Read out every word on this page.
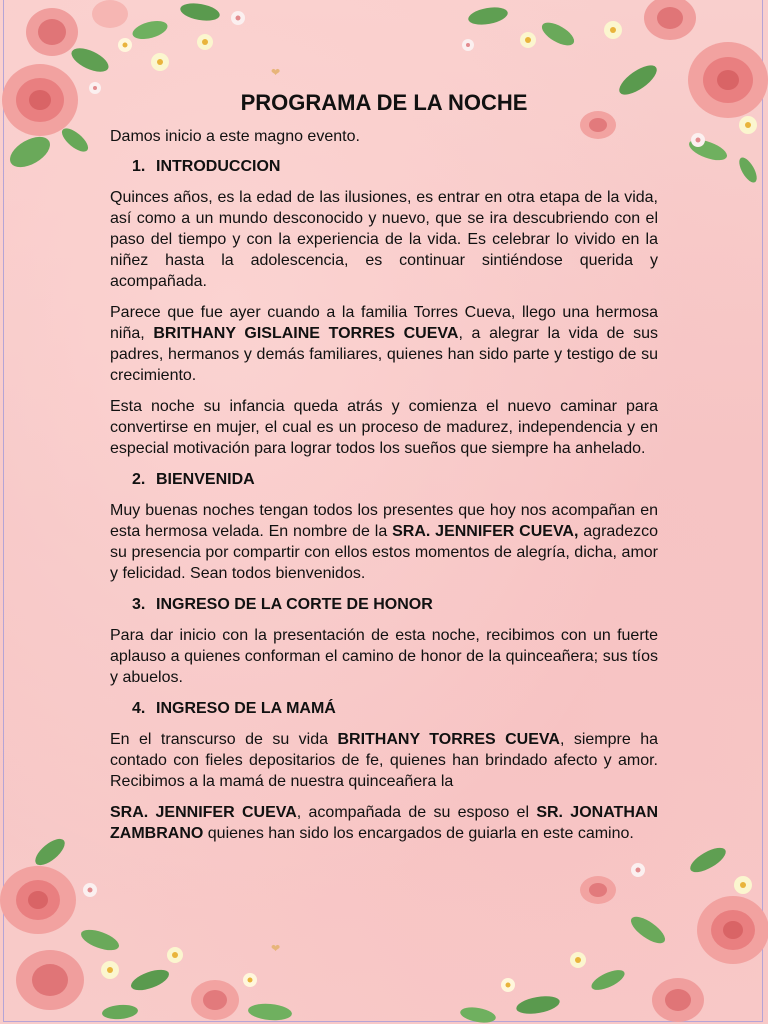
❤
❤
PROGRAMA DE LA NOCHE

Damos inicio a este magno evento.

1. INTRODUCCION

Quinces años, es la edad de las ilusiones, es entrar en otra etapa de la vida, así como a un mundo desconocido y nuevo, que se ira descubriendo con el paso del tiempo y con la experiencia de la vida. Es celebrar lo vivido en la niñez hasta la adolescencia, es continuar sintiéndose querida y acompañada.

Parece que fue ayer cuando a la familia Torres Cueva, llego una hermosa niña, BRITHANY GISLAINE TORRES CUEVA, a alegrar la vida de sus padres, hermanos y demás familiares, quienes han sido parte y testigo de su crecimiento.

Esta noche su infancia queda atrás y comienza el nuevo caminar para convertirse en mujer, el cual es un proceso de madurez, independencia y en especial motivación para lograr todos los sueños que siempre ha anhelado.

2. BIENVENIDA

Muy buenas noches tengan todos los presentes que hoy nos acompañan en esta hermosa velada. En nombre de la SRA. JENNIFER CUEVA, agradezco su presencia por compartir con ellos estos momentos de alegría, dicha, amor y felicidad. Sean todos bienvenidos.

3. INGRESO DE LA CORTE DE HONOR

Para dar inicio con la presentación de esta noche, recibimos con un fuerte aplauso a quienes conforman el camino de honor de la quinceañera; sus tíos y abuelos.

4. INGRESO DE LA MAMÁ

En el transcurso de su vida BRITHANY TORRES CUEVA, siempre ha contado con fieles depositarios de fe, quienes han brindado afecto y amor. Recibimos a la mamá de nuestra quinceañera la

SRA. JENNIFER CUEVA, acompañada de su esposo el SR. JONATHAN ZAMBRANO quienes han sido los encargados de guiarla en este camino.
